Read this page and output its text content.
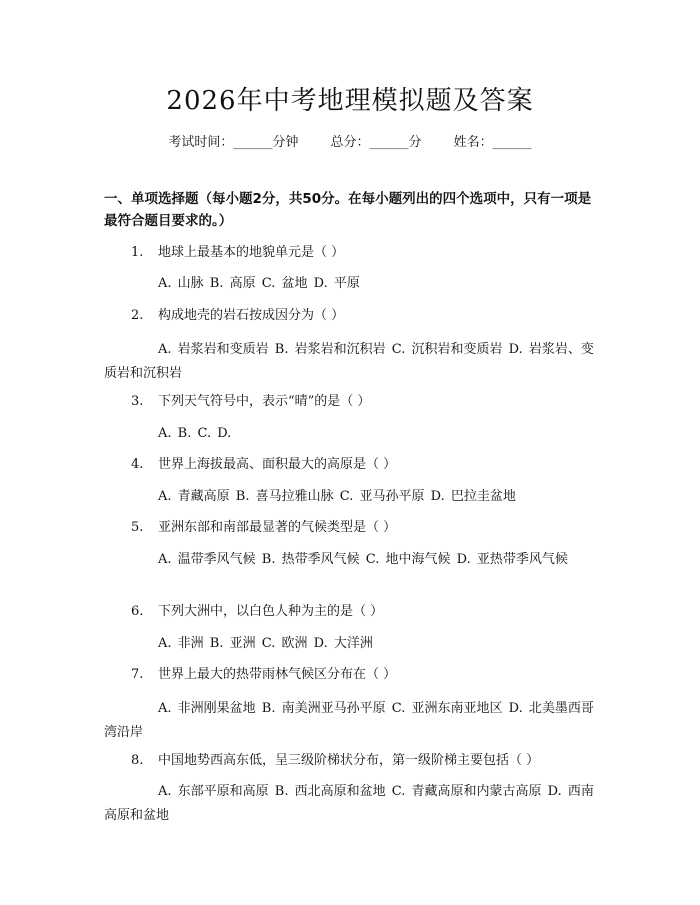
2026年中考地理模拟题及答案
考试时间：______分钟 总分：______分 姓名：______
一、单项选择题（每小题2分，共50分。在每小题列出的四个选项中，只有一项是最符合题目要求的。）
1. 地球上最基本的地貌单元是（ ）
A. 山脉 B. 高原 C. 盆地 D. 平原
2. 构成地壳的岩石按成因分为（ ）
A. 岩浆岩和变质岩 B. 岩浆岩和沉积岩 C. 沉积岩和变质岩 D. 岩浆岩、变质岩和沉积岩
3. 下列天气符号中，表示“晴”的是（ ）
A. B. C. D.
4. 世界上海拔最高、面积最大的高原是（ ）
A. 青藏高原 B. 喜马拉雅山脉 C. 亚马孙平原 D. 巴拉圭盆地
5. 亚洲东部和南部最显著的气候类型是（ ）
A. 温带季风气候 B. 热带季风气候 C. 地中海气候 D. 亚热带季风气候
6. 下列大洲中，以白色人种为主的是（ ）
A. 非洲 B. 亚洲 C. 欧洲 D. 大洋洲
7. 世界上最大的热带雨林气候区分布在（ ）
A. 非洲刚果盆地 B. 南美洲亚马孙平原 C. 亚洲东南亚地区 D. 北美墨西哥湾沿岸
8. 中国地势西高东低，呈三级阶梯状分布，第一级阶梯主要包括（ ）
A. 东部平原和高原 B. 西北高原和盆地 C. 青藏高原和内蒙古高原 D. 西南高原和盆地
